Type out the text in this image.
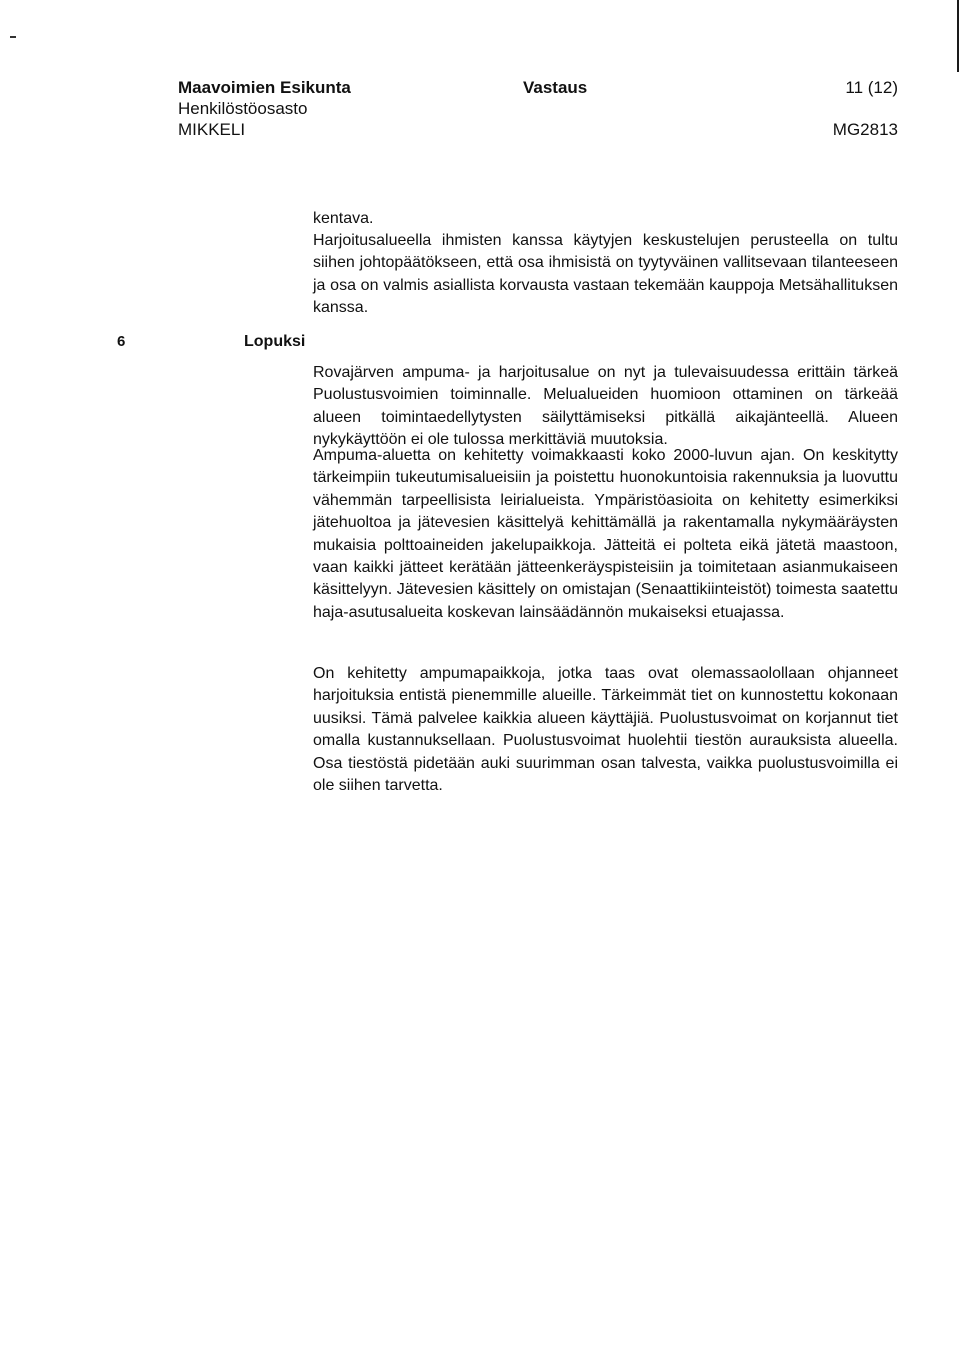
Maavoimien Esikunta
Henkilöstöosasto
MIKKELI
Vastaus	11 (12)
MG2813
6	Lopuksi

kentava.

Harjoitusalueella ihmisten kanssa käytyjen keskustelujen perusteella on tultu siihen johtopäätökseen, että osa ihmisistä on tyytyväinen vallitsevaan tilanteeseen ja osa on valmis asiallista korvausta vastaan tekemään kauppoja Metsähallituksen kanssa.

Rovajärven ampuma- ja harjoitusalue on nyt ja tulevaisuudessa erittäin tärkeä Puolustusvoimien toiminnalle. Melualueiden huomioon ottaminen on tärkeää alueen toimintaedellytysten säilyttämiseksi pitkällä aikajänteellä. Alueen nykykäyttöön ei ole tulossa merkittäviä muutoksia.

Ampuma-aluetta on kehitetty voimakkaasti koko 2000-luvun ajan. On keskitytty tärkeimpiin tukeutumisalueisiin ja poistettu huonokuntoisia rakennuksia ja luovuttu vähemmän tarpeellisista leirialueista. Ympäristöasioita on kehitetty esimerkiksi jätehuoltoa ja jätevesien käsittelyä kehittämällä ja rakentamalla nykymääräysten mukaisia polttoaineiden jakelupaikkoja. Jätteitä ei polteta eikä jätetä maastoon, vaan kaikki jätteet kerätään jätteenkeräyspisteisiin ja toimitetaan asianmukaiseen käsittelyyn. Jätevesien käsittely on omistajan (Senaattikiinteistöt) toimesta saatettu haja-asutusalueita koskevan lainsäädännön mukaiseksi etuajassa.

On kehitetty ampumapaikkoja, jotka taas ovat olemassaolollaan ohjanneet harjoituksia entistä pienemmille alueille. Tärkeimmät tiet on kunnostettu kokonaan uusiksi. Tämä palvelee kaikkia alueen käyttäjiä. Puolustusvoimat on korjannut tiet omalla kustannuksellaan. Puolustusvoimat huolehtii tiestön aurauksista alueella. Osa tiestöstä pidetään auki suurimman osan talvesta, vaikka puolustusvoimilla ei ole siihen tarvetta.
